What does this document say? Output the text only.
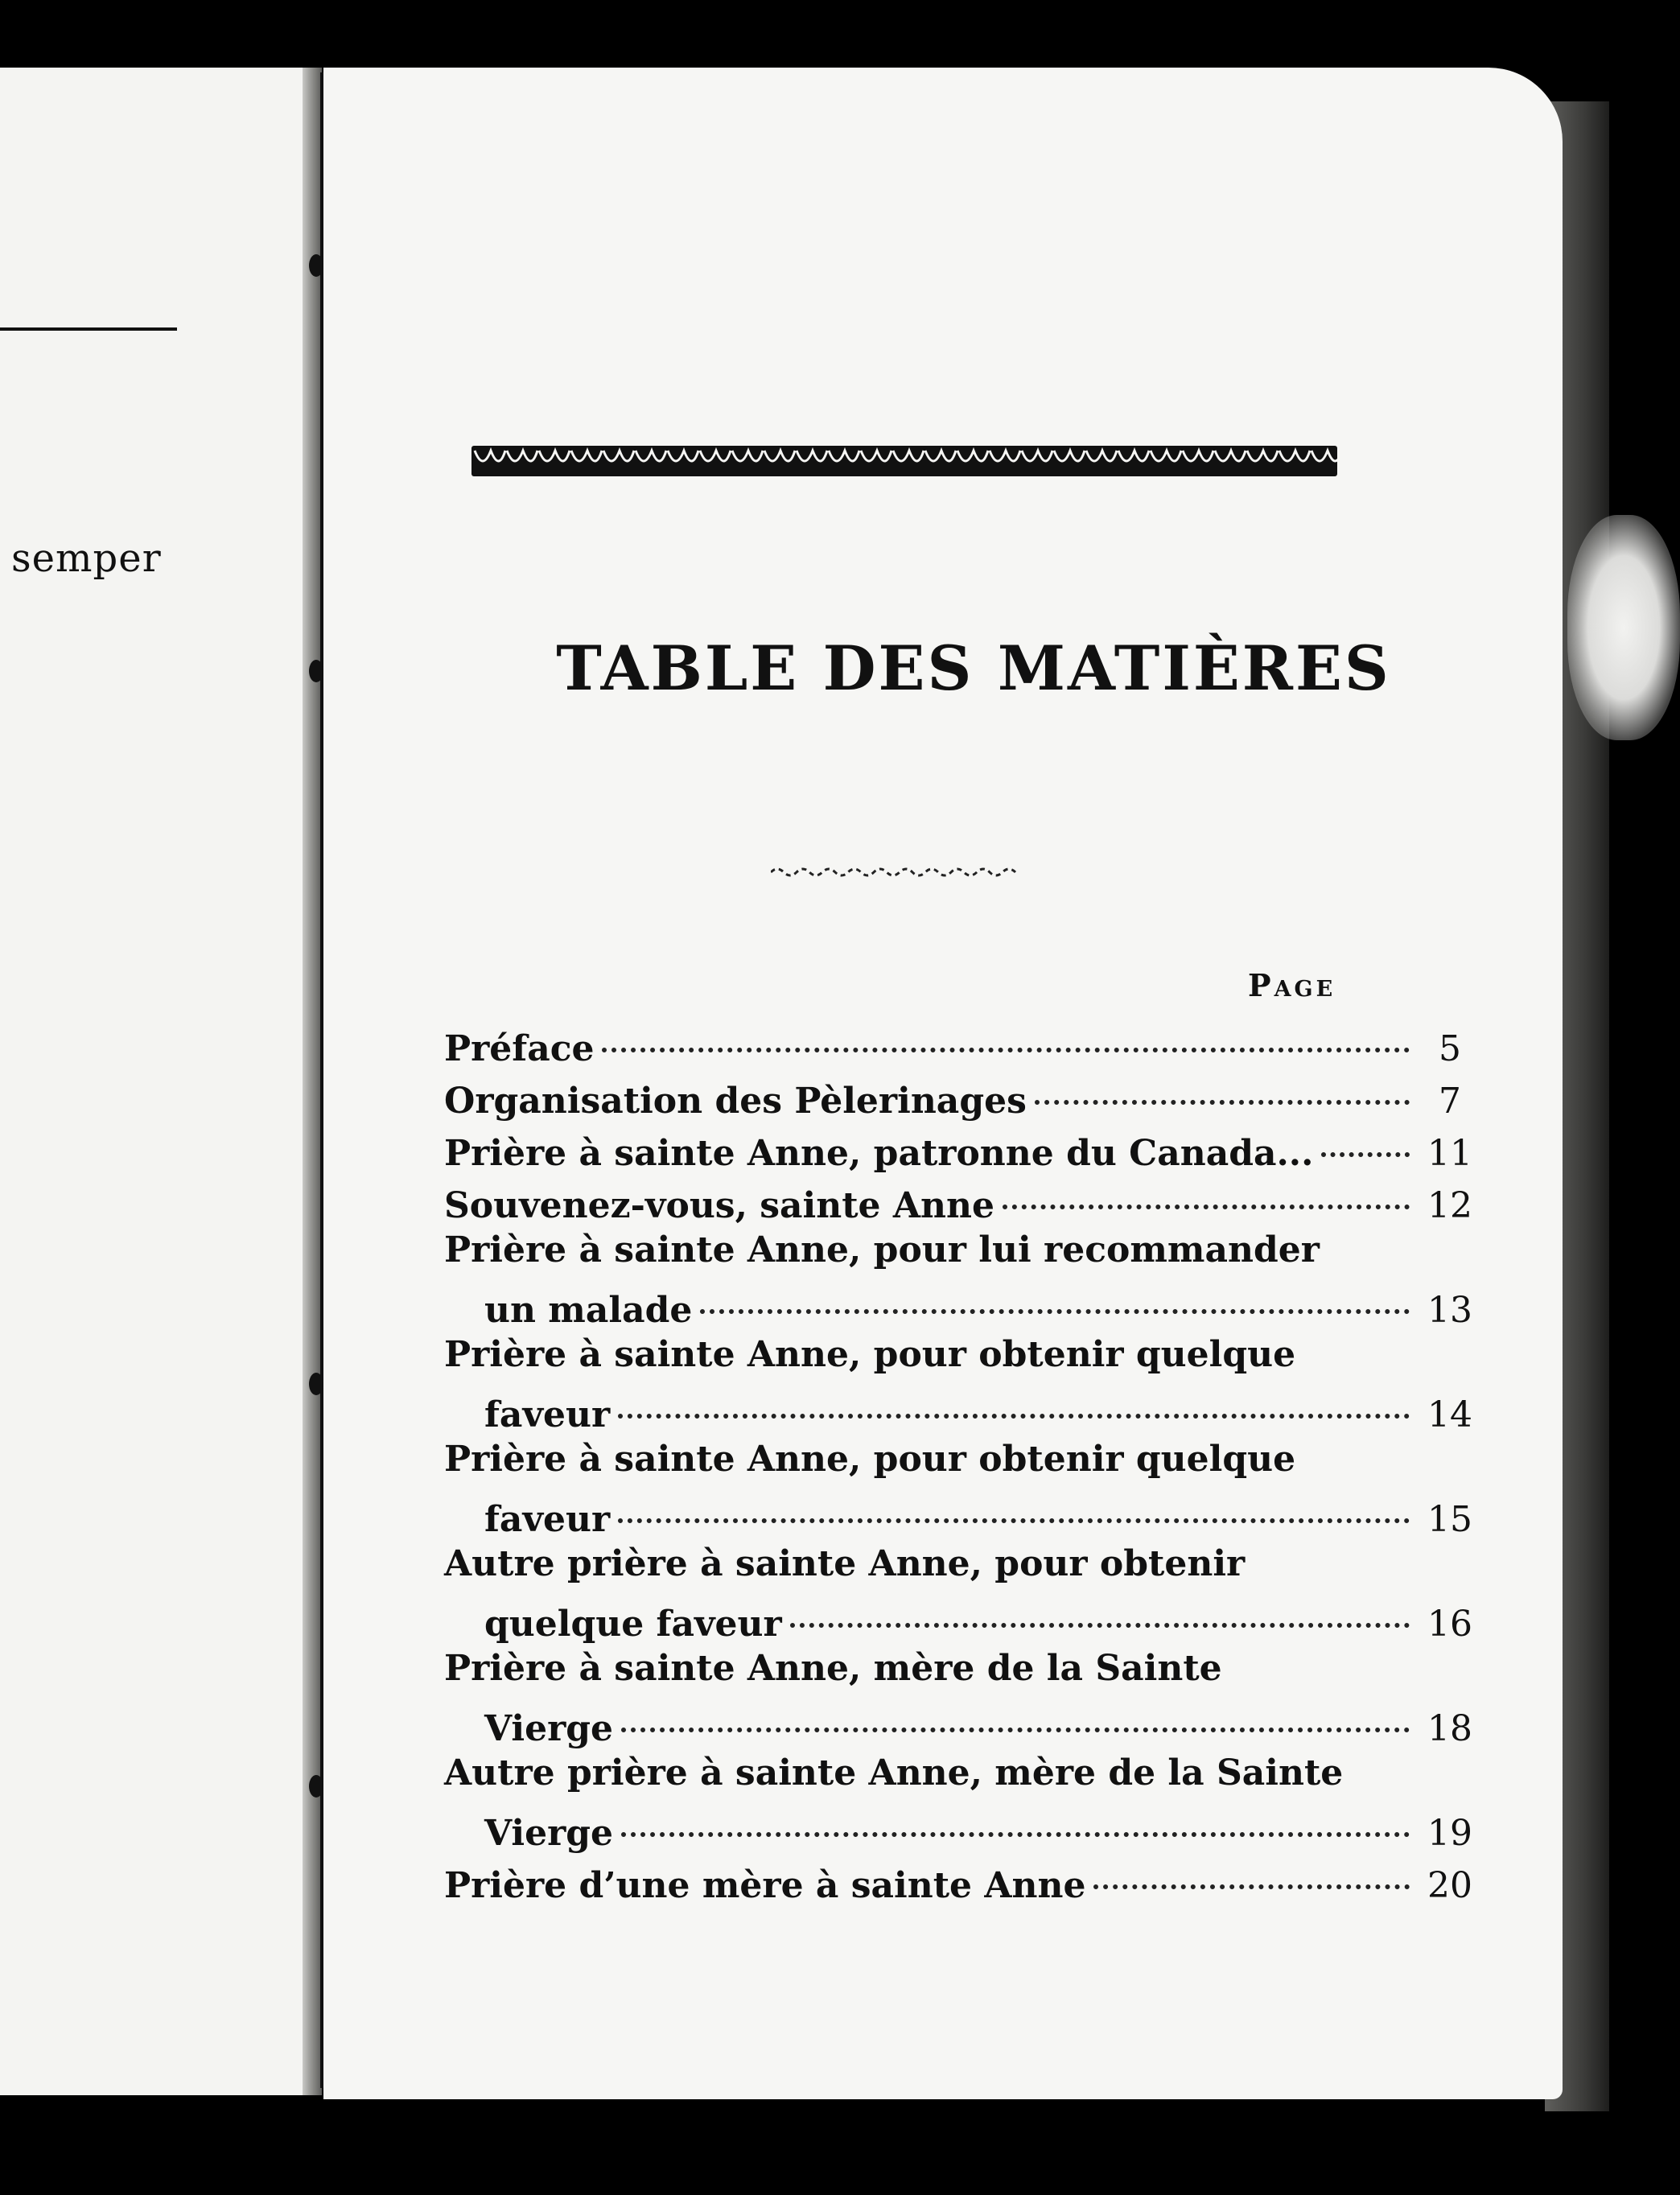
semper
TABLE DES MATIÈRES
Page
Préface	5
Organisation des Pèlerinages	7
Prière à sainte Anne, patronne du Canada...	11
Souvenez-vous, sainte Anne	12
Prière à sainte Anne, pour lui recommander
un malade	13
Prière à sainte Anne, pour obtenir quelque
faveur	14
Prière à sainte Anne, pour obtenir quelque
faveur	15
Autre prière à sainte Anne, pour obtenir
quelque faveur	16
Prière à sainte Anne, mère de la Sainte
Vierge	18
Autre prière à sainte Anne, mère de la Sainte
Vierge	19
Prière d’une mère à sainte Anne	20
